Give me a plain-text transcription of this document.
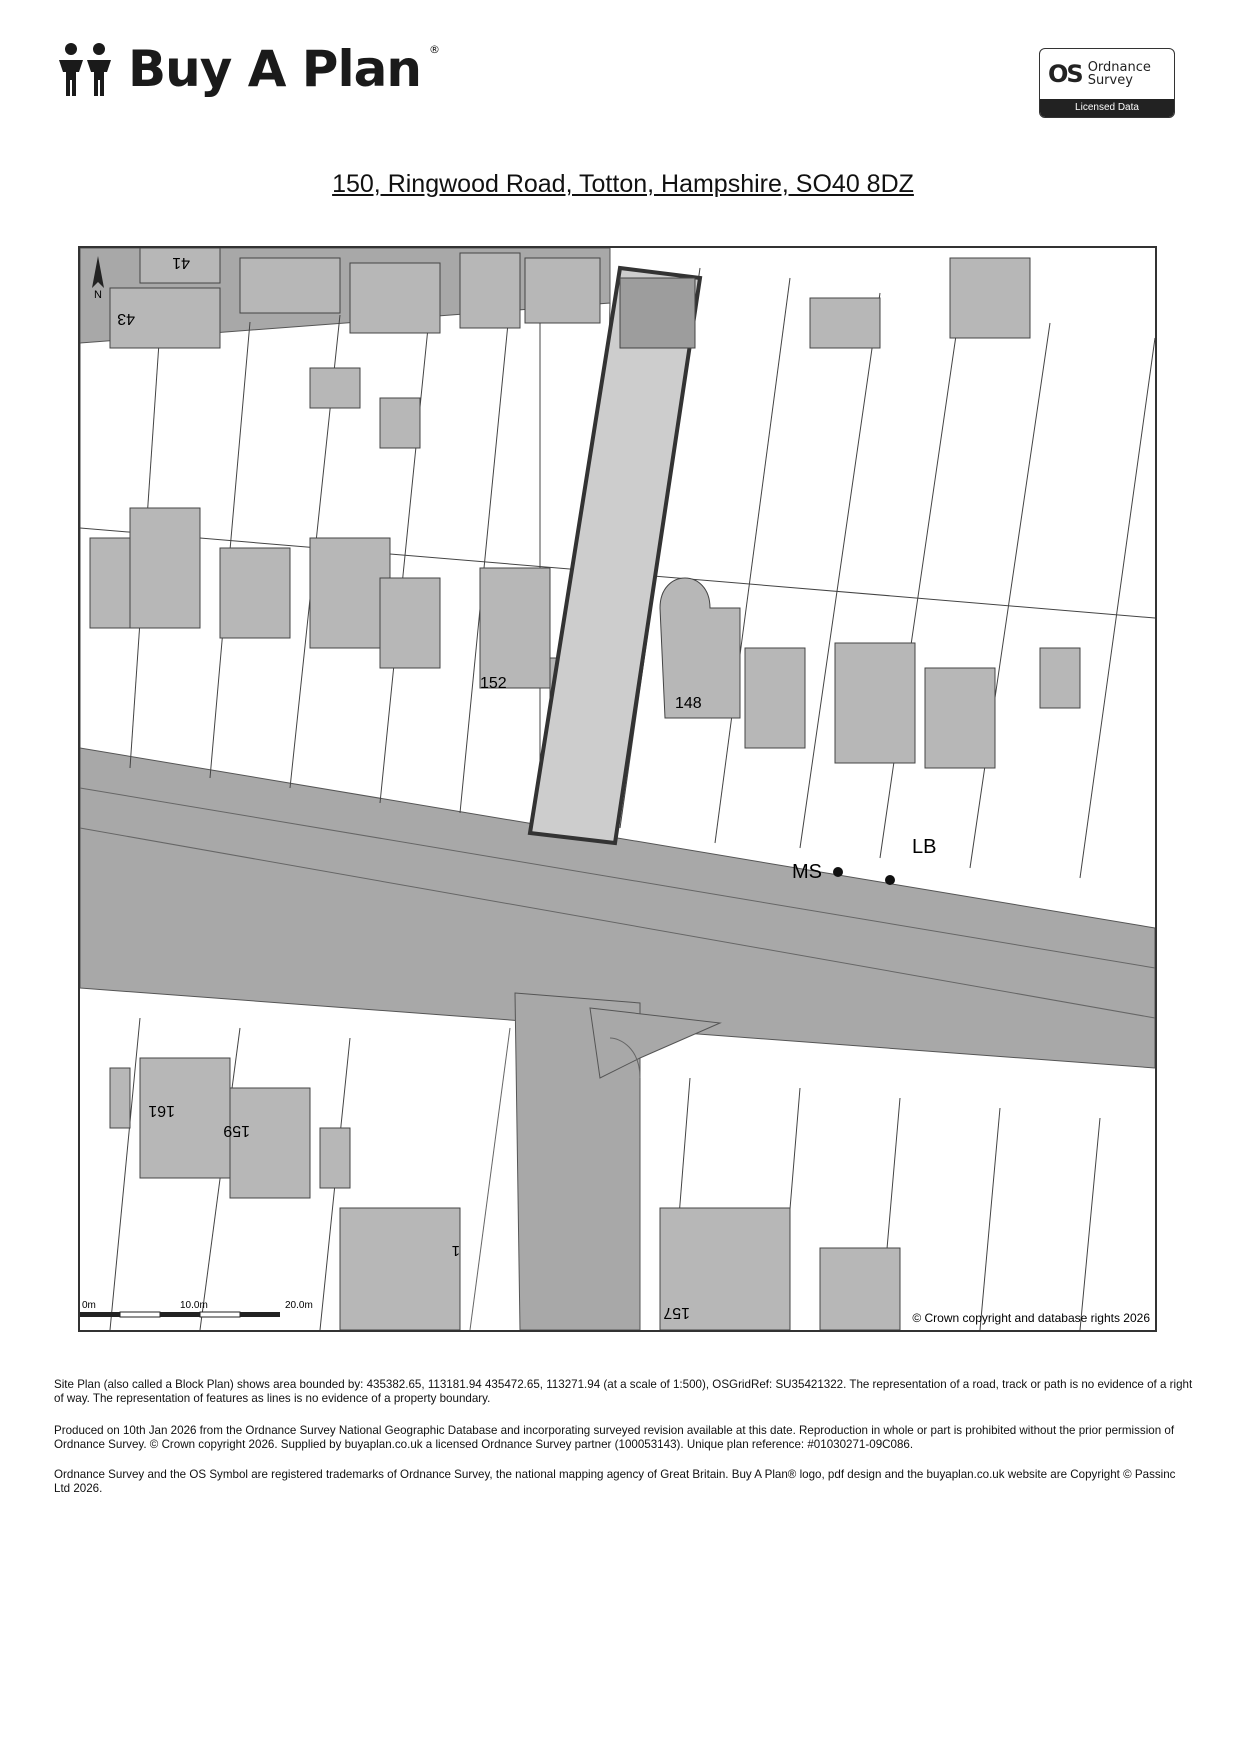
Buy A Plan ®
OS Ordnance
Survey
Licensed Data
150, Ringwood Road, Totton, Hampshire, SO40 8DZ
N
41
43
152
148
161
159
1
157
MS
LB
0m	10.0m	20.0m
© Crown copyright and database rights 2026
Site Plan (also called a Block Plan) shows area bounded by: 435382.65, 113181.94 435472.65, 113271.94 (at a scale of 1:500), OSGridRef: SU35421322. The representation of a road, track or path is no evidence of a right of way. The representation of features as lines is no evidence of a property boundary.
Produced on 10th Jan 2026 from the Ordnance Survey National Geographic Database and incorporating surveyed revision available at this date. Reproduction in whole or part is prohibited without the prior permission of Ordnance Survey. © Crown copyright 2026. Supplied by buyaplan.co.uk a licensed Ordnance Survey partner (100053143). Unique plan reference: #01030271-09C086.
Ordnance Survey and the OS Symbol are registered trademarks of Ordnance Survey, the national mapping agency of Great Britain. Buy A Plan® logo, pdf design and the buyaplan.co.uk website are Copyright © Passinc Ltd 2026.
